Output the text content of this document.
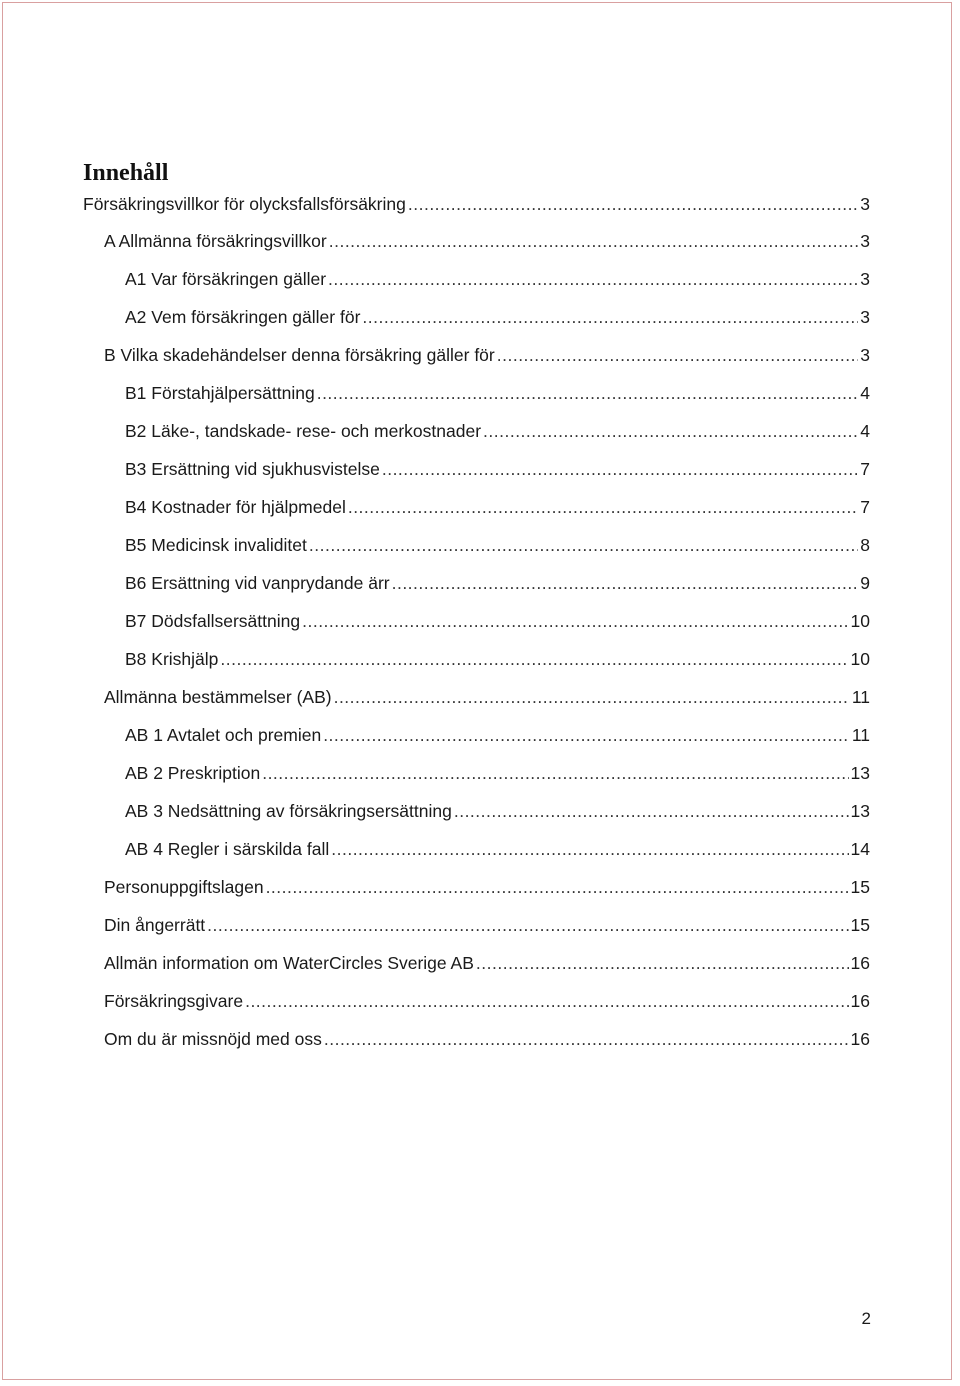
Innehåll
Försäkringsvillkor för olycksfallsförsäkring .....	3
A Allmänna försäkringsvillkor .....	3
A1 Var försäkringen gäller .....	3
A2 Vem försäkringen gäller för .....	3
B Vilka skadehändelser denna försäkring gäller för .....	3
B1 Förstahjälpersättning .....	4
B2 Läke-, tandskade- rese- och merkostnader .....	4
B3 Ersättning vid sjukhusvistelse .....	7
B4 Kostnader för hjälpmedel .....	7
B5 Medicinsk invaliditet .....	8
B6 Ersättning vid vanprydande ärr .....	9
B7 Dödsfallsersättning .....	10
B8 Krishjälp .....	10
Allmänna bestämmelser (AB) .....	11
AB 1 Avtalet och premien .....	11
AB 2 Preskription .....	13
AB 3 Nedsättning av försäkringsersättning .....	13
AB 4 Regler i särskilda fall .....	14
Personuppgiftslagen .....	15
Din ångerrätt .....	15
Allmän information om WaterCircles Sverige AB .....	16
Försäkringsgivare .....	16
Om du är missnöjd med oss .....	16
2
